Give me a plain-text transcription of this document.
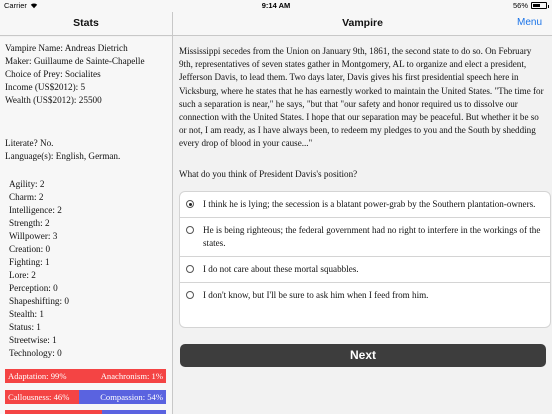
Carrier	9:14 AM	56%
Stats	Vampire	Menu
Vampire Name: Andreas Dietrich
Maker: Guillaume de Sainte-Chapelle
Choice of Prey: Socialites
Income (US$2012): 5
Wealth (US$2012): 25500
Literate? No.
Language(s): English, German.
Agility: 2
Charm: 2
Intelligence: 2
Strength: 2
Willpower: 3
Creation: 0
Fighting: 1
Lore: 2
Perception: 0
Shapeshifting: 0
Stealth: 1
Status: 1
Streetwise: 1
Technology: 0
Adaptation: 99%	Anachronism: 1%
Callousness: 46%	Compassion: 54%

Mississippi secedes from the Union on January 9th, 1861, the second state to do so. On February 9th, representatives of seven states gather in Montgomery, AL to organize and elect a president, Jefferson Davis, to lead them. Two days later, Davis gives his first presidential speech here in Vicksburg, where he states that he has earnestly worked to maintain the United States. "The time for such a separation is near," he says, "but that "our safety and honor required us to dissolve our connection with the United States. I hope that our separation may be peaceful. But whether it be so or not, I am ready, as I have always been, to redeem my pledges to you and the South by shedding every drop of blood in your cause..."

What do you think of President Davis's position?

I think he is lying; the secession is a blatant power-grab by the Southern plantation-owners.
He is being righteous; the federal government had no right to interfere in the workings of the states.
I do not care about these mortal squabbles.
I don't know, but I'll be sure to ask him when I feed from him.
Next
